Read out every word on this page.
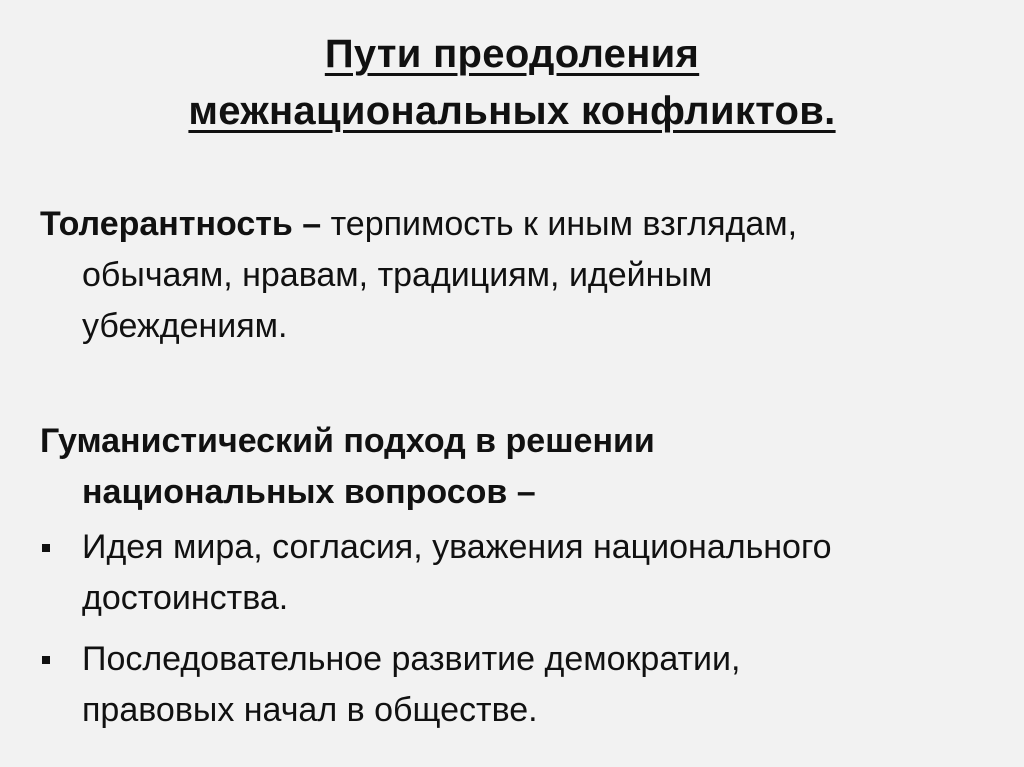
Пути преодоления
межнациональных конфликтов.
Толерантность – терпимость к иным взглядам,
обычаям, нравам, традициям, идейным
убеждениям.
Гуманистический подход в решении
национальных вопросов –
Идея мира, согласия, уважения национального
достоинства.
Последовательное развитие демократии,
правовых начал в обществе.
